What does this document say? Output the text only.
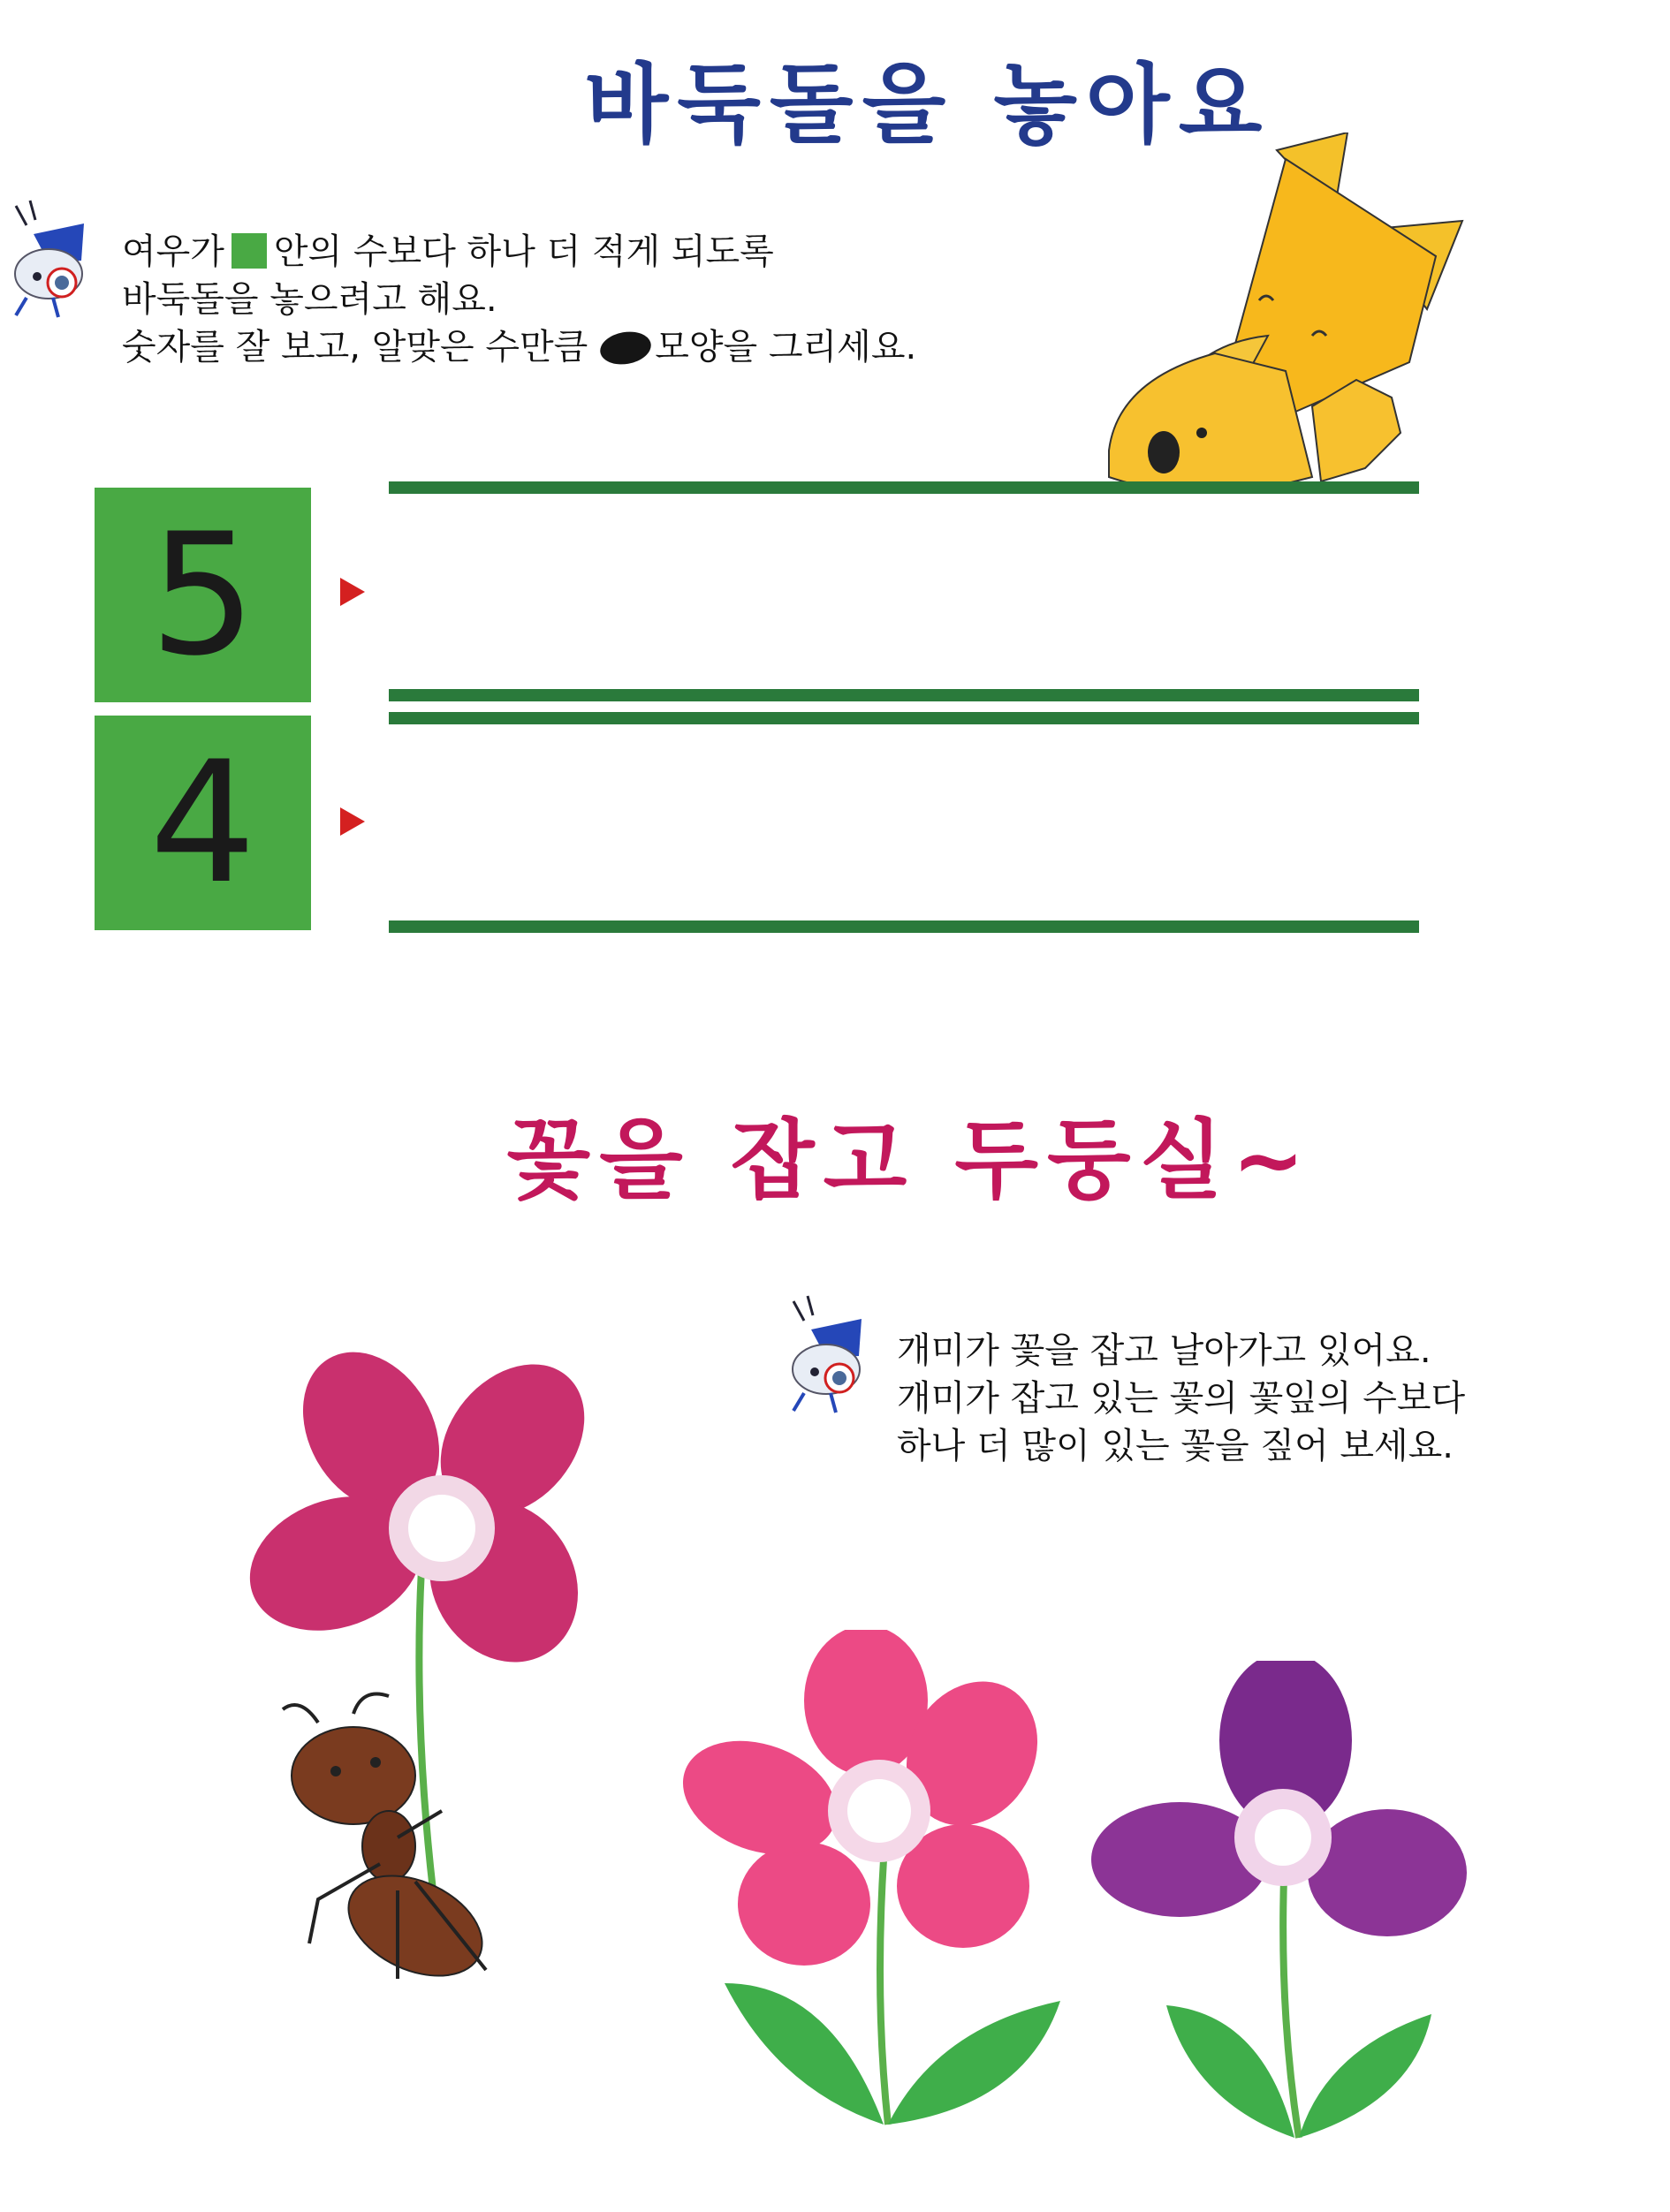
바둑돌을 놓아요
여우가 안의 수보다 하나 더 적게 되도록
바둑돌을 놓으려고 해요.
숫자를 잘 보고, 알맞은 수만큼 모양을 그리세요.
5
4
꽃을 잡고 두둥실~
개미가 꽃을 잡고 날아가고 있어요.
개미가 잡고 있는 꽃의 꽃잎의 수보다
하나 더 많이 있는 꽃을 짚어 보세요.
